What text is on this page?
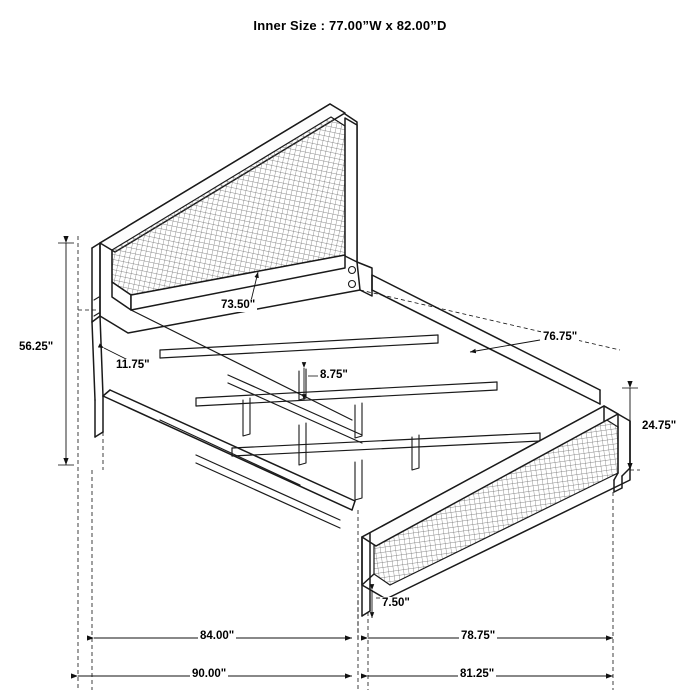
Inner Size : 77.00”W x 82.00”D
56.25"
11.75"
73.50"
8.75"
76.75"
24.75"
7.50"
84.00"	78.75"
90.00"	81.25"
